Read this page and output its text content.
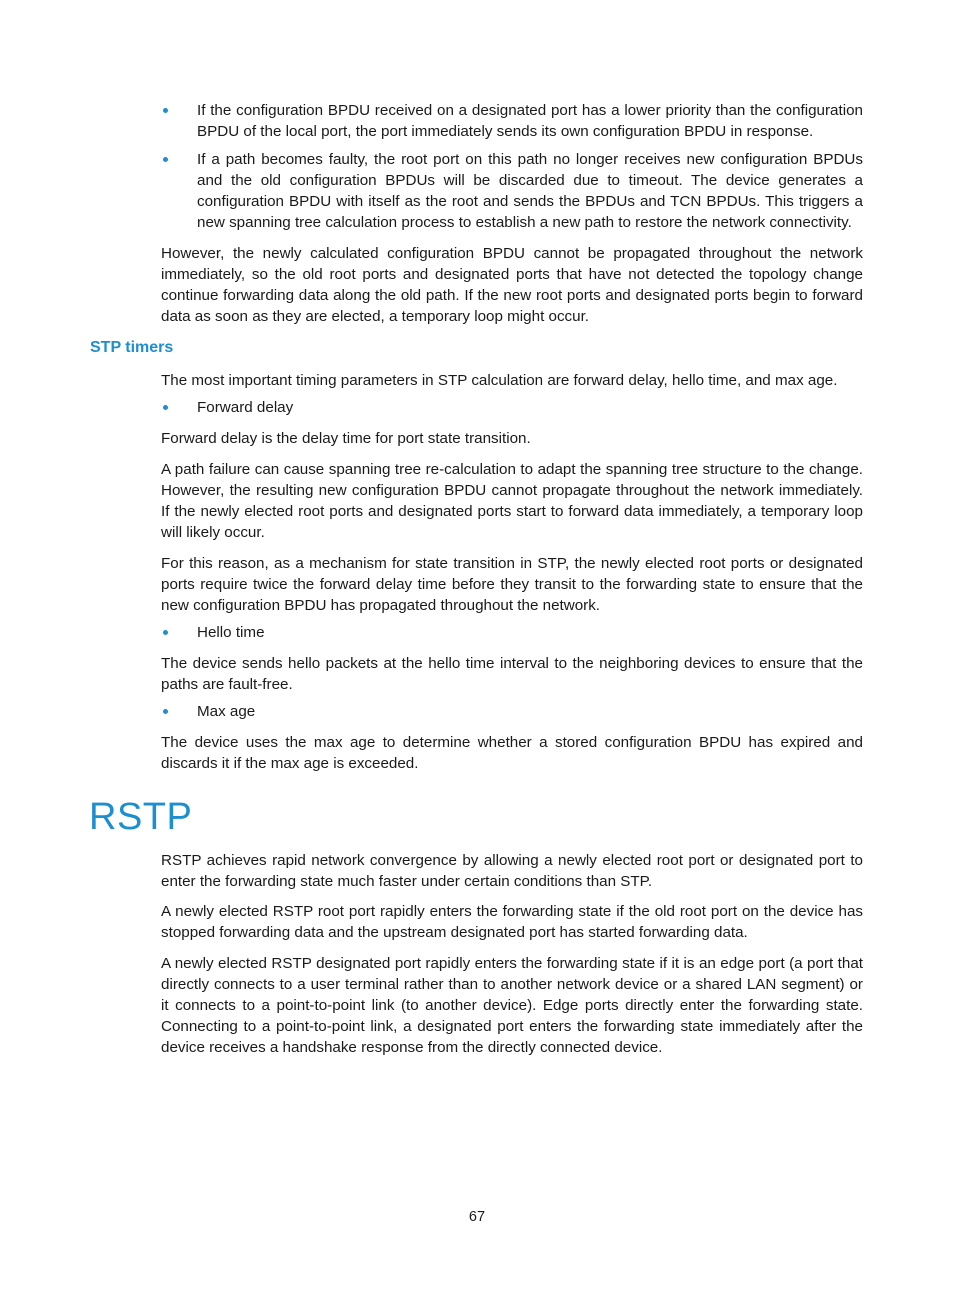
If the configuration BPDU received on a designated port has a lower priority than the configuration BPDU of the local port, the port immediately sends its own configuration BPDU in response.

If a path becomes faulty, the root port on this path no longer receives new configuration BPDUs and the old configuration BPDUs will be discarded due to timeout. The device generates a configuration BPDU with itself as the root and sends the BPDUs and TCN BPDUs. This triggers a new spanning tree calculation process to establish a new path to restore the network connectivity.

However, the newly calculated configuration BPDU cannot be propagated throughout the network immediately, so the old root ports and designated ports that have not detected the topology change continue forwarding data along the old path. If the new root ports and designated ports begin to forward data as soon as they are elected, a temporary loop might occur.

STP timers

The most important timing parameters in STP calculation are forward delay, hello time, and max age.

Forward delay

Forward delay is the delay time for port state transition.

A path failure can cause spanning tree re-calculation to adapt the spanning tree structure to the change. However, the resulting new configuration BPDU cannot propagate throughout the network immediately. If the newly elected root ports and designated ports start to forward data immediately, a temporary loop will likely occur.

For this reason, as a mechanism for state transition in STP, the newly elected root ports or designated ports require twice the forward delay time before they transit to the forwarding state to ensure that the new configuration BPDU has propagated throughout the network.

Hello time

The device sends hello packets at the hello time interval to the neighboring devices to ensure that the paths are fault-free.

Max age

The device uses the max age to determine whether a stored configuration BPDU has expired and discards it if the max age is exceeded.

RSTP

RSTP achieves rapid network convergence by allowing a newly elected root port or designated port to enter the forwarding state much faster under certain conditions than STP.

A newly elected RSTP root port rapidly enters the forwarding state if the old root port on the device has stopped forwarding data and the upstream designated port has started forwarding data.

A newly elected RSTP designated port rapidly enters the forwarding state if it is an edge port (a port that directly connects to a user terminal rather than to another network device or a shared LAN segment) or it connects to a point-to-point link (to another device). Edge ports directly enter the forwarding state. Connecting to a point-to-point link, a designated port enters the forwarding state immediately after the device receives a handshake response from the directly connected device.

67
